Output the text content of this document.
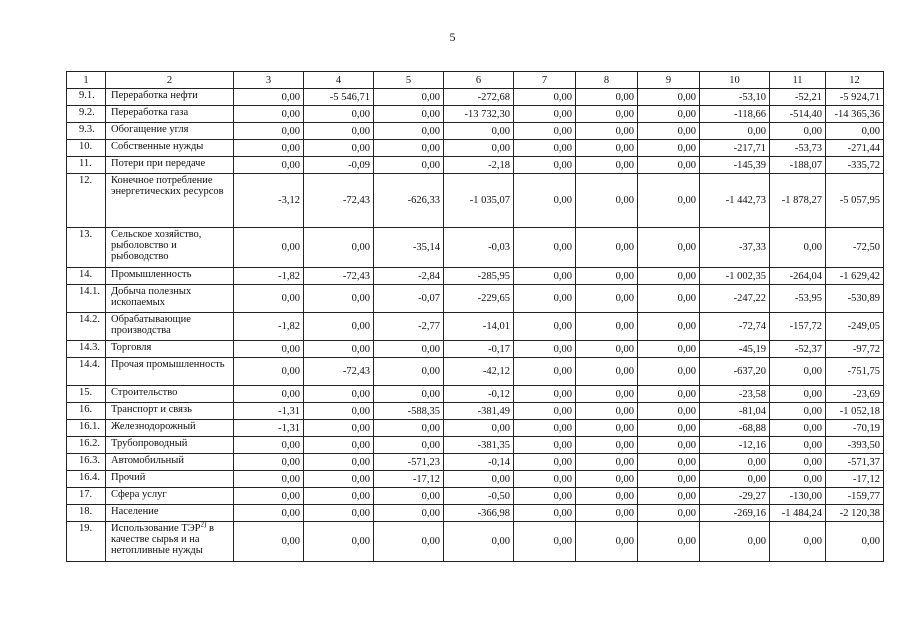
5
1	2	3	4	5	6	7	8	9	10	11	12
9.1.	Переработка нефти	0,00	-5 546,71	0,00	-272,68	0,00	0,00	0,00	-53,10	-52,21	-5 924,71
9.2.	Переработка газа	0,00	0,00	0,00	-13 732,30	0,00	0,00	0,00	-118,66	-514,40	-14 365,36
9.3.	Обогащение угля	0,00	0,00	0,00	0,00	0,00	0,00	0,00	0,00	0,00	0,00
10.	Собственные нужды	0,00	0,00	0,00	0,00	0,00	0,00	0,00	-217,71	-53,73	-271,44
11.	Потери при передаче	0,00	-0,09	0,00	-2,18	0,00	0,00	0,00	-145,39	-188,07	-335,72
12.	Конечное потребление энергетических ресурсов	-3,12	-72,43	-626,33	-1 035,07	0,00	0,00	0,00	-1 442,73	-1 878,27	-5 057,95
13.	Сельское хозяйство, рыболовство и рыбоводство	0,00	0,00	-35,14	-0,03	0,00	0,00	0,00	-37,33	0,00	-72,50
14.	Промышленность	-1,82	-72,43	-2,84	-285,95	0,00	0,00	0,00	-1 002,35	-264,04	-1 629,42
14.1.	Добыча полезных ископаемых	0,00	0,00	-0,07	-229,65	0,00	0,00	0,00	-247,22	-53,95	-530,89
14.2.	Обрабатывающие производства	-1,82	0,00	-2,77	-14,01	0,00	0,00	0,00	-72,74	-157,72	-249,05
14.3.	Торговля	0,00	0,00	0,00	-0,17	0,00	0,00	0,00	-45,19	-52,37	-97,72
14.4.	Прочая промышленность	0,00	-72,43	0,00	-42,12	0,00	0,00	0,00	-637,20	0,00	-751,75
15.	Строительство	0,00	0,00	0,00	-0,12	0,00	0,00	0,00	-23,58	0,00	-23,69
16.	Транспорт и связь	-1,31	0,00	-588,35	-381,49	0,00	0,00	0,00	-81,04	0,00	-1 052,18
16.1.	Железнодорожный	-1,31	0,00	0,00	0,00	0,00	0,00	0,00	-68,88	0,00	-70,19
16.2.	Трубопроводный	0,00	0,00	0,00	-381,35	0,00	0,00	0,00	-12,16	0,00	-393,50
16.3.	Автомобильный	0,00	0,00	-571,23	-0,14	0,00	0,00	0,00	0,00	0,00	-571,37
16.4.	Прочий	0,00	0,00	-17,12	0,00	0,00	0,00	0,00	0,00	0,00	-17,12
17.	Сфера услуг	0,00	0,00	0,00	-0,50	0,00	0,00	0,00	-29,27	-130,00	-159,77
18.	Население	0,00	0,00	0,00	-366,98	0,00	0,00	0,00	-269,16	-1 484,24	-2 120,38
19.	Использование ТЭР$^{2)}$ в качестве сырья и на нетопливные нужды	0,00	0,00	0,00	0,00	0,00	0,00	0,00	0,00	0,00	0,00
